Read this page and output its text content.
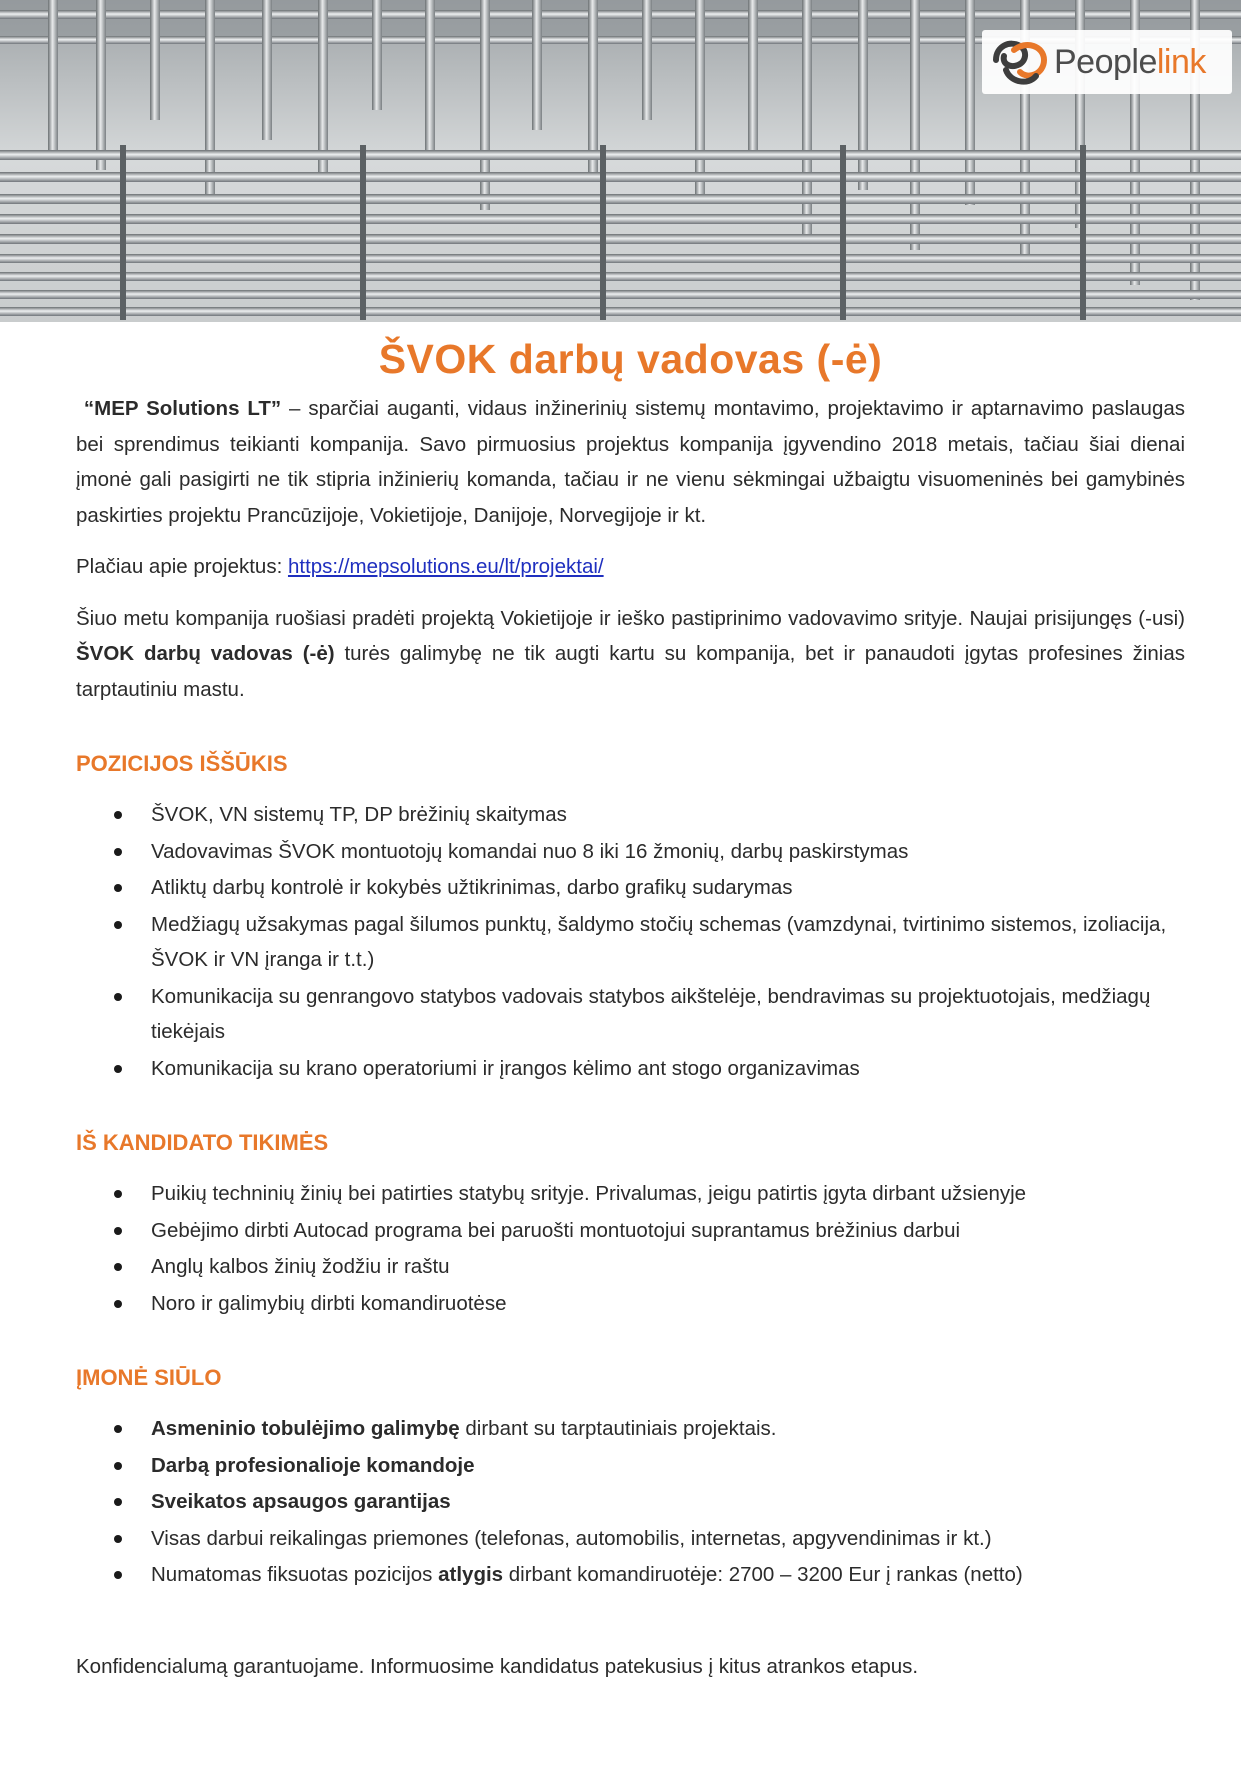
Peoplelink
ŠVOK darbų vadovas (-ė)

“MEP Solutions LT” – sparčiai auganti, vidaus inžinerinių sistemų montavimo, projektavimo ir aptarnavimo paslaugas bei sprendimus teikianti kompanija. Savo pirmuosius projektus kompanija įgyvendino 2018 metais, tačiau šiai dienai įmonė gali pasigirti ne tik stipria inžinierių komanda, tačiau ir ne vienu sėkmingai užbaigtu visuomeninės bei gamybinės paskirties projektu Prancūzijoje, Vokietijoje, Danijoje, Norvegijoje ir kt.

Plačiau apie projektus: https://mepsolutions.eu/lt/projektai/

Šiuo metu kompanija ruošiasi pradėti projektą Vokietijoje ir ieško pastiprinimo vadovavimo srityje. Naujai prisijungęs (-usi) ŠVOK darbų vadovas (-ė) turės galimybę ne tik augti kartu su kompanija, bet ir panaudoti įgytas profesines žinias tarptautiniu mastu.

POZICIJOS IŠŠŪKIS
ŠVOK, VN sistemų TP, DP brėžinių skaitymas
Vadovavimas ŠVOK montuotojų komandai nuo 8 iki 16 žmonių, darbų paskirstymas
Atliktų darbų kontrolė ir kokybės užtikrinimas, darbo grafikų sudarymas
Medžiagų užsakymas pagal šilumos punktų, šaldymo stočių schemas (vamzdynai, tvirtinimo sistemos, izoliacija, ŠVOK ir VN įranga ir t.t.)
Komunikacija su genrangovo statybos vadovais statybos aikštelėje, bendravimas su projektuotojais, medžiagų tiekėjais
Komunikacija su krano operatoriumi ir įrangos kėlimo ant stogo organizavimas
IŠ KANDIDATO TIKIMĖS
Puikių techninių žinių bei patirties statybų srityje. Privalumas, jeigu patirtis įgyta dirbant užsienyje
Gebėjimo dirbti Autocad programa bei paruošti montuotojui suprantamus brėžinius darbui
Anglų kalbos žinių žodžiu ir raštu
Noro ir galimybių dirbti komandiruotėse
ĮMONĖ SIŪLO
Asmeninio tobulėjimo galimybę dirbant su tarptautiniais projektais.
Darbą profesionalioje komandoje
Sveikatos apsaugos garantijas
Visas darbui reikalingas priemones (telefonas, automobilis, internetas, apgyvendinimas ir kt.)
Numatomas fiksuotas pozicijos atlygis dirbant komandiruotėje: 2700 – 3200 Eur į rankas (netto)

Konfidencialumą garantuojame. Informuosime kandidatus patekusius į kitus atrankos etapus.
